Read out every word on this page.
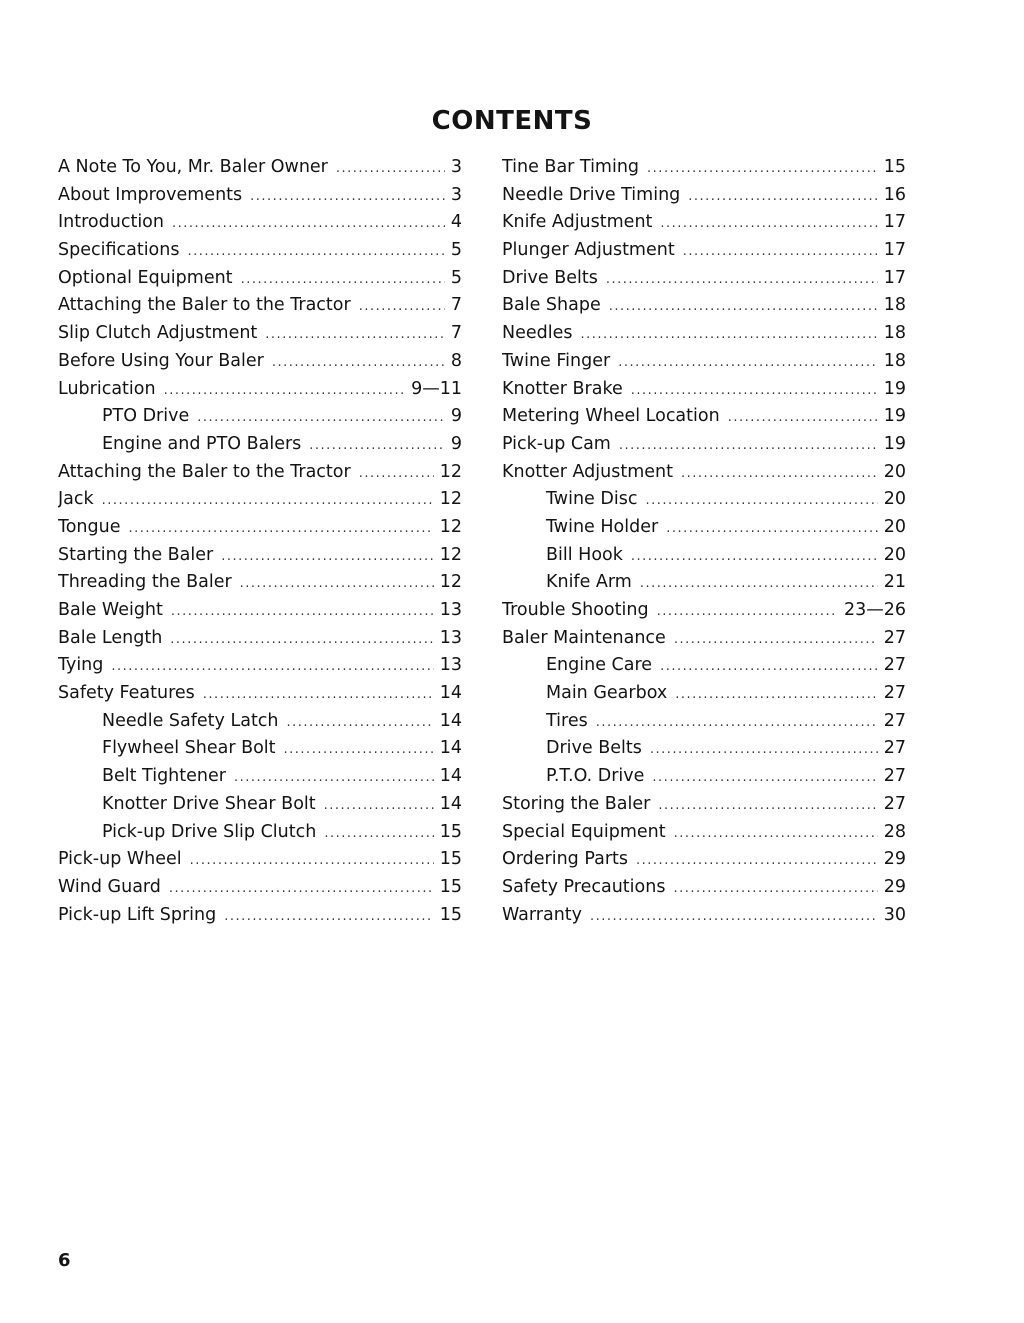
CONTENTS
A Note To You, Mr. Baler Owner .....	3
About Improvements .....	3
Introduction .....	4
Specifications .....	5
Optional Equipment .....	5
Attaching the Baler to the Tractor .....	7
Slip Clutch Adjustment .....	7
Before Using Your Baler .....	8
Lubrication .....	9—11
PTO Drive .....	9
Engine and PTO Balers .....	9
Attaching the Baler to the Tractor .....	12
Jack .....	12
Tongue .....	12
Starting the Baler .....	12
Threading the Baler .....	12
Bale Weight .....	13
Bale Length .....	13
Tying .....	13
Safety Features .....	14
Needle Safety Latch .....	14
Flywheel Shear Bolt .....	14
Belt Tightener .....	14
Knotter Drive Shear Bolt .....	14
Pick-up Drive Slip Clutch .....	15
Pick-up Wheel .....	15
Wind Guard .....	15
Pick-up Lift Spring .....	15
Tine Bar Timing .....	15
Needle Drive Timing .....	16
Knife Adjustment .....	17
Plunger Adjustment .....	17
Drive Belts .....	17
Bale Shape .....	18
Needles .....	18
Twine Finger .....	18
Knotter Brake .....	19
Metering Wheel Location .....	19
Pick-up Cam .....	19
Knotter Adjustment .....	20
Twine Disc .....	20
Twine Holder .....	20
Bill Hook .....	20
Knife Arm .....	21
Trouble Shooting .....	23—26
Baler Maintenance .....	27
Engine Care .....	27
Main Gearbox .....	27
Tires .....	27
Drive Belts .....	27
P.T.O. Drive .....	27
Storing the Baler .....	27
Special Equipment .....	28
Ordering Parts .....	29
Safety Precautions .....	29
Warranty .....	30
6
